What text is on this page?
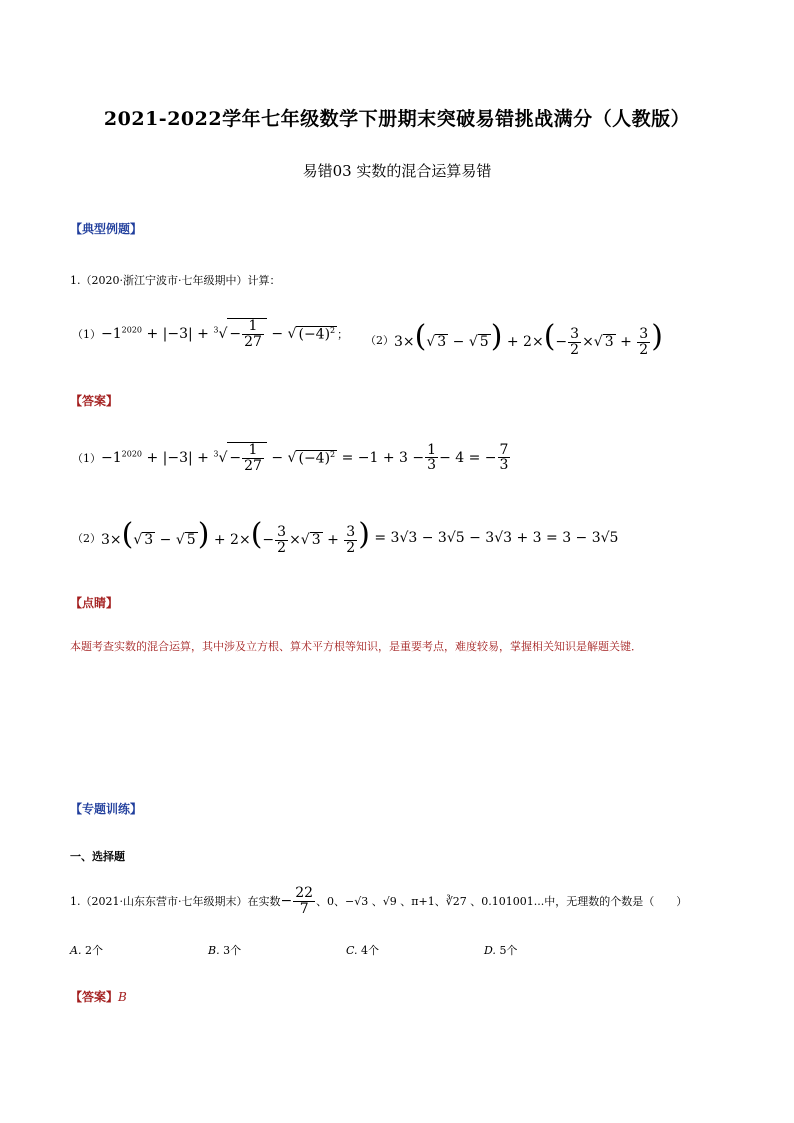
2021-2022学年七年级数学下册期末突破易错挑战满分（人教版）
易错03 实数的混合运算易错
【典型例题】
1.（2020·浙江宁波市·七年级期中）计算：
$(1) -1^{2020} + |-3| + ^3√ - \frac{1}{27}$ − √ $(-4)^2$ ； （2） 3×(√ 3 − √ $5) + 2\times(- \frac{3}{2}$ ×√ $3 + \frac{3}{2}$ )
【答案】
$(1) -1^{2020} + |-3| + ^3√ - \frac{1}{27}$ − √ $(-4)^2 = -1 + 3 - \frac{1}{3} - 4$ = − $\frac{7}{3}$
（2） 3×(√ 3 − √ $5) + 2\times(- \frac{3}{2}$ ×√ $3 + \frac{3}{2}$ ) = 3√3 − 3√5 − 3√3 + 3 = 3 − 3√5
【点睛】
本题考查实数的混合运算，其中涉及立方根、算术平方根等知识，是重要考点，难度较易，掌握相关知识是解题关键．
【专题训练】
一、选择题
1. （2021·山东东营市·七年级期末）在实数 − $\frac{22}{7}$ 、0、−√3 、√9 、π+1、∛27 、0.101001...中，无理数的个数是（　　）
A. 2个	B. 3个	C. 4个	D. 5个
【答案】B
